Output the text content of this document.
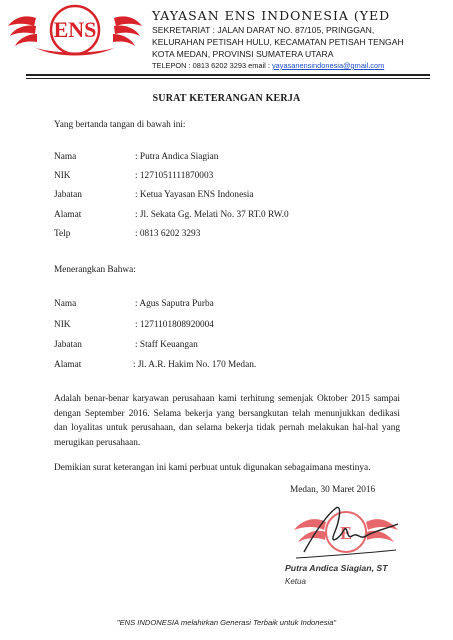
ENS
YAYASAN ENS INDONESIA (YED
SEKRETARIAT : JALAN DARAT NO. 87/105, PRINGGAN,
KELURAHAN PETISAH HULU, KECAMATAN PETISAH TENGAH
KOTA MEDAN, PROVINSI SUMATERA UTARA
TELEPON : 0813 6202 3293 email : yayasanensindonesia@gmail.com
SURAT KETERANGAN KERJA
Yang bertanda tangan di bawah ini:
Nama	: Putra Andica Siagian
NIK	: 1271051111870003
Jabatan	: Ketua Yayasan ENS Indonesia
Alamat	: Jl. Sekata Gg. Melati No. 37 RT.0 RW.0
Telp	: 0813 6202 3293
Menerangkan Bahwa:
Nama	: Agus Saputra Purba
NIK	: 1271101808920004
Jabatan	: Staff Keuangan
Alamat	: Jl. A.R. Hakim No. 170 Medan.
Adalah benar-benar karyawan perusahaan kami terhitung semenjak Oktober 2015 sampai dengan September 2016. Selama bekerja yang bersangkutan telah menunjukkan dedikasi dan loyalitas untuk perusahaan, dan selama bekerja tidak pernah melakukan hal-hal yang merugikan perusahaan.
Demikian surat keterangan ini kami perbuat untuk digunakan sebagaimana mestinya.
Medan, 30 Maret 2016
E
Putra Andica Siagian, ST
Ketua
"ENS INDONESIA melahirkan Generasi Terbaik untuk Indonesia"
